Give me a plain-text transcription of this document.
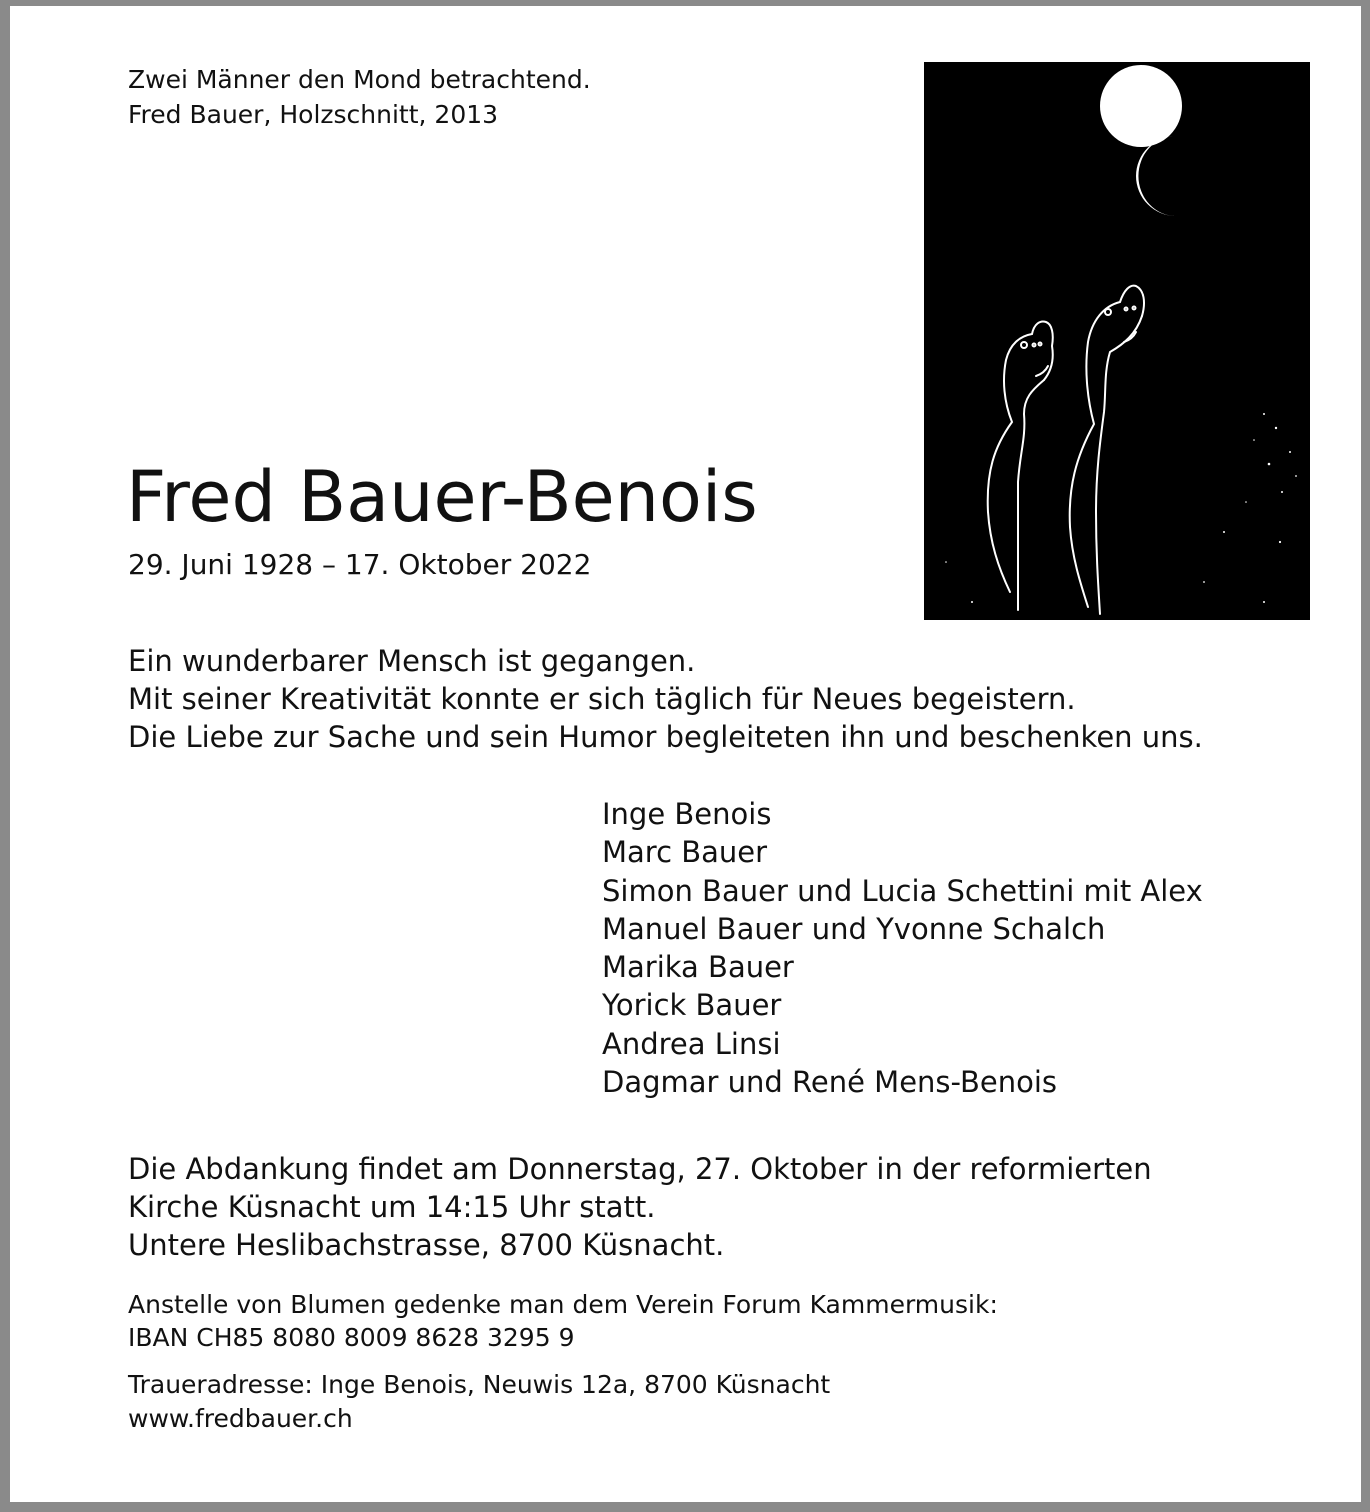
Zwei Männer den Mond betrachtend.
Fred Bauer, Holzschnitt, 2013
Fred Bauer-Benois
29. Juni 1928 – 17. Oktober 2022
Ein wunderbarer Mensch ist gegangen.
Mit seiner Kreativität konnte er sich täglich für Neues begeistern.
Die Liebe zur Sache und sein Humor begleiteten ihn und beschenken uns.
Inge Benois
Marc Bauer
Simon Bauer und Lucia Schettini mit Alex
Manuel Bauer und Yvonne Schalch
Marika Bauer
Yorick Bauer
Andrea Linsi
Dagmar und René Mens-Benois
Die Abdankung findet am Donnerstag, 27. Oktober in der reformierten
Kirche Küsnacht um 14:15 Uhr statt.
Untere Heslibachstrasse, 8700 Küsnacht.
Anstelle von Blumen gedenke man dem Verein Forum Kammermusik:
IBAN CH85 8080 8009 8628 3295 9
Traueradresse: Inge Benois, Neuwis 12a, 8700 Küsnacht
www.fredbauer.ch
